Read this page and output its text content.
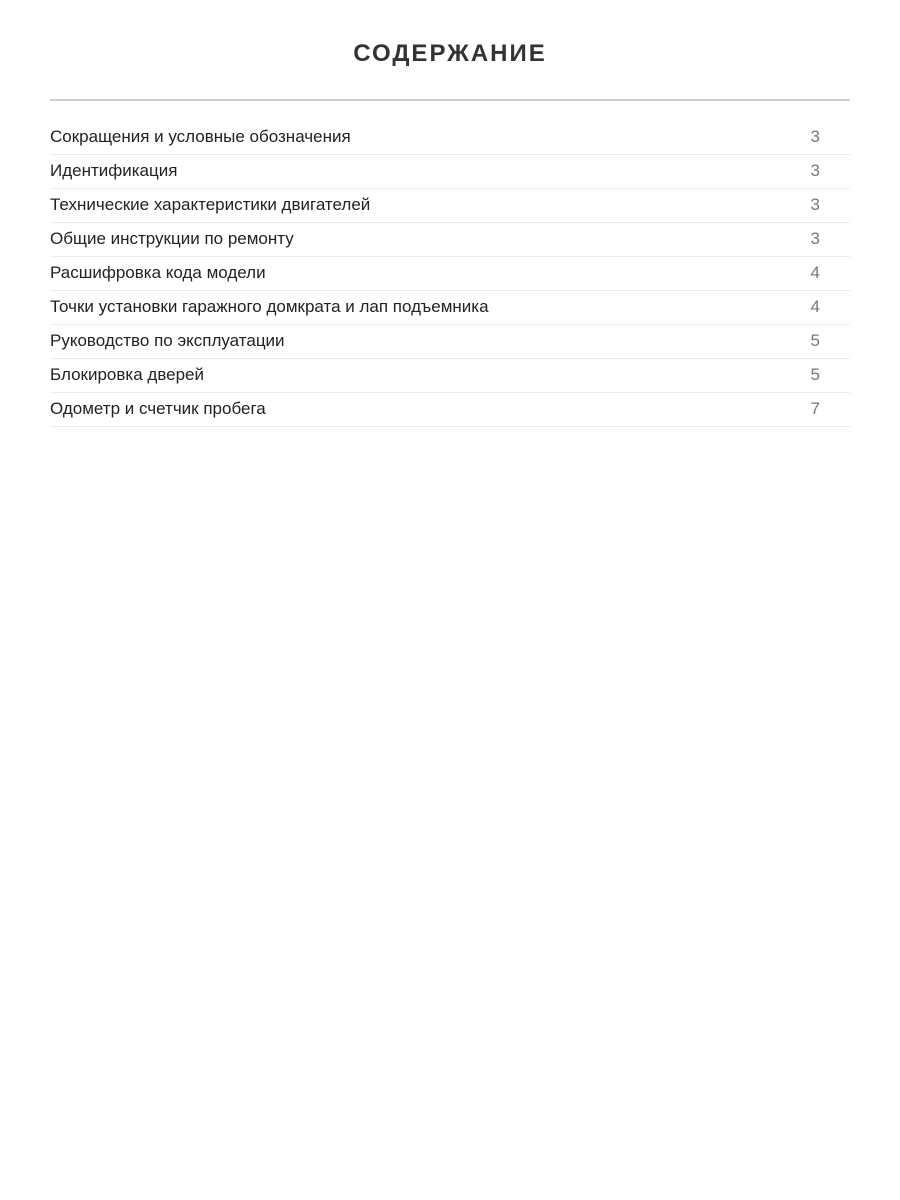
СОДЕРЖАНИЕ
Сокращения и условные обозначения	3
Идентификация	3
Технические характеристики двигателей	3
Общие инструкции по ремонту	3
Расшифровка кода модели	4
Точки установки гаражного домкрата и лап подъемника	4
Руководство по эксплуатации	5
Блокировка дверей	5
Одометр и счетчик пробега	7
